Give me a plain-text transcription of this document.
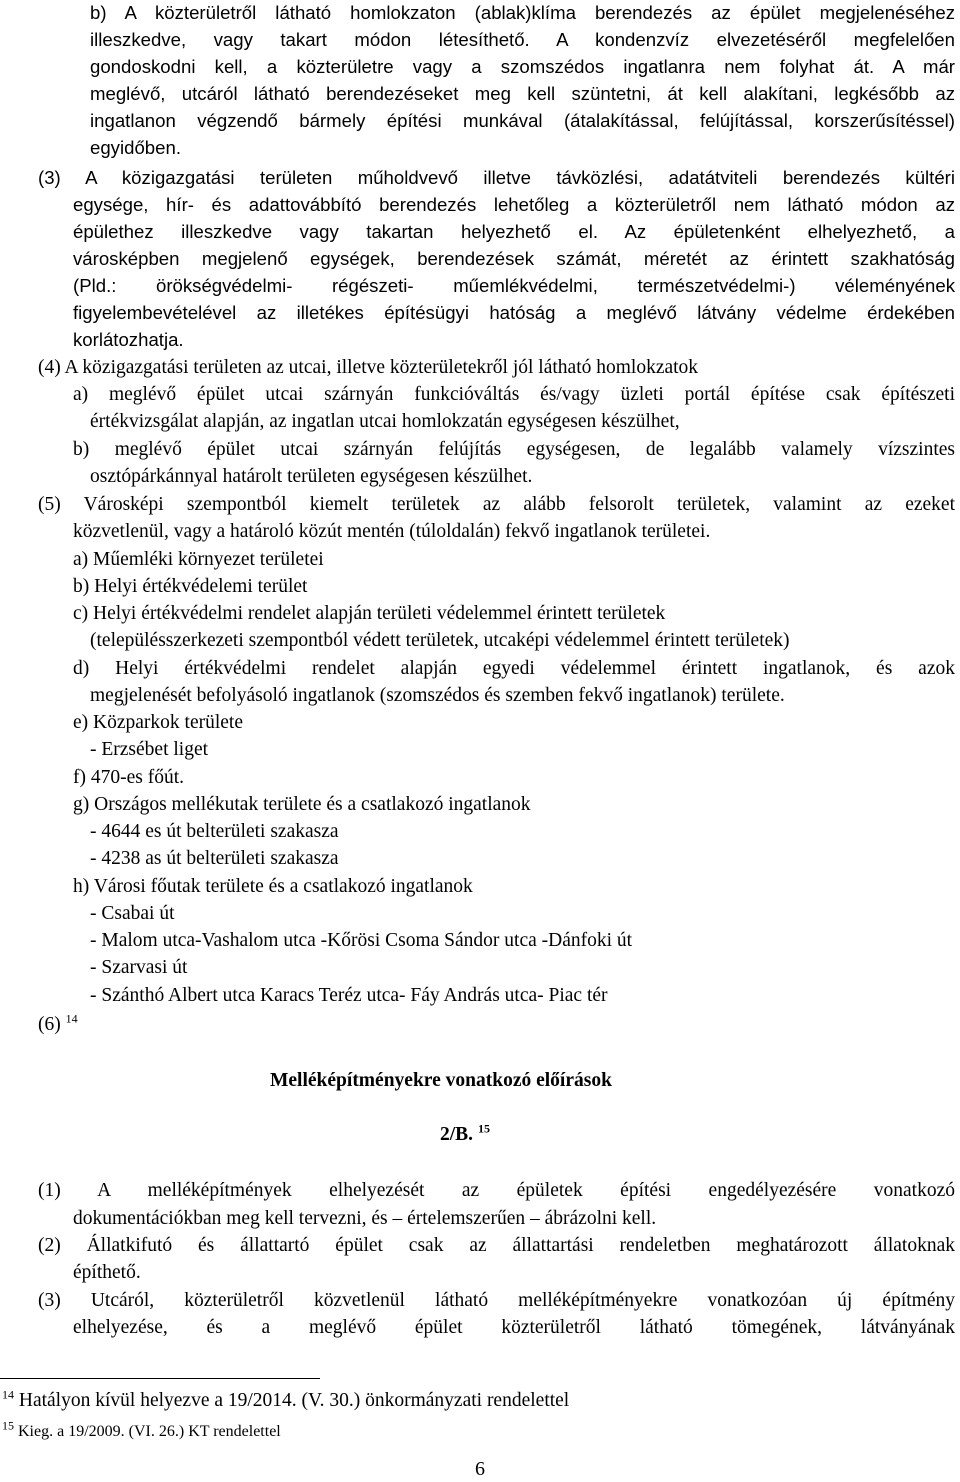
b) A közterületről látható homlokzaton (ablak)klíma berendezés az épület megjelenéséhez

illeszkedve, vagy takart módon létesíthető. A kondenzvíz elvezetéséről megfelelően

gondoskodni kell, a közterületre vagy a szomszédos ingatlanra nem folyhat át. A már

meglévő, utcáról látható berendezéseket meg kell szüntetni, át kell alakítani, legkésőbb az

ingatlanon végzendő bármely építési munkával (átalakítással, felújítással, korszerűsítéssel)

egyidőben.

(3) A közigazgatási területen műholdvevő illetve távközlési, adatátviteli berendezés kültéri

egysége, hír- és adattovábbító berendezés lehetőleg a közterületről nem látható módon az

épülethez illeszkedve vagy takartan helyezhető el. Az épületenként elhelyezhető, a

városképben megjelenő egységek, berendezések számát, méretét az érintett szakhatóság

(Pld.: örökségvédelmi- régészeti- műemlékvédelmi, természetvédelmi-) véleményének

figyelembevételével az illetékes építésügyi hatóság a meglévő látvány védelme érdekében

korlátozhatja.

(4) A közigazgatási területen az utcai, illetve közterületekről jól látható homlokzatok

a) meglévő épület utcai szárnyán funkcióváltás és/vagy üzleti portál építése csak építészeti

értékvizsgálat alapján, az ingatlan utcai homlokzatán egységesen készülhet,

b) meglévő épület utcai szárnyán felújítás egységesen, de legalább valamely vízszintes

osztópárkánnyal határolt területen egységesen készülhet.

(5) Városképi szempontból kiemelt területek az alább felsorolt területek, valamint az ezeket

közvetlenül, vagy a határoló közút mentén (túloldalán) fekvő ingatlanok területei.

a) Műemléki környezet területei

b) Helyi értékvédelemi terület

c) Helyi értékvédelmi rendelet alapján területi védelemmel érintett területek

(településszerkezeti szempontból védett területek, utcaképi védelemmel érintett területek)

d) Helyi értékvédelmi rendelet alapján egyedi védelemmel érintett ingatlanok, és azok

megjelenését befolyásoló ingatlanok (szomszédos és szemben fekvő ingatlanok) területe.

e) Közparkok területe

- Erzsébet liget

f) 470-es főút.

g) Országos mellékutak területe és a csatlakozó ingatlanok

- 4644 es út belterületi szakasza

- 4238 as út belterületi szakasza

h) Városi főutak területe és a csatlakozó ingatlanok

- Csabai út

- Malom utca-Vashalom utca -Kőrösi Csoma Sándor utca -Dánfoki út

- Szarvasi út

- Szánthó Albert utca Karacs Teréz utca- Fáy András utca- Piac tér

(6) $^{14}$

Melléképítményekre vonatkozó előírások

2/B. $^{15}$

(1) A melléképítmények elhelyezését az épületek építési engedélyezésére vonatkozó

dokumentációkban meg kell tervezni, és – értelemszerűen – ábrázolni kell.

(2) Állatkifutó és állattartó épület csak az állattartási rendeletben meghatározott állatoknak

építhető.

(3) Utcáról, közterületről közvetlenül látható melléképítményekre vonatkozóan új építmény

elhelyezése, és a meglévő épület közterületről látható tömegének, látványának

$^{14}$ Hatályon kívül helyezve a 19/2014. (V. 30.) önkormányzati rendelettel
$^{15}$ Kieg. a 19/2009. (VI. 26.) KT rendelettel
6
